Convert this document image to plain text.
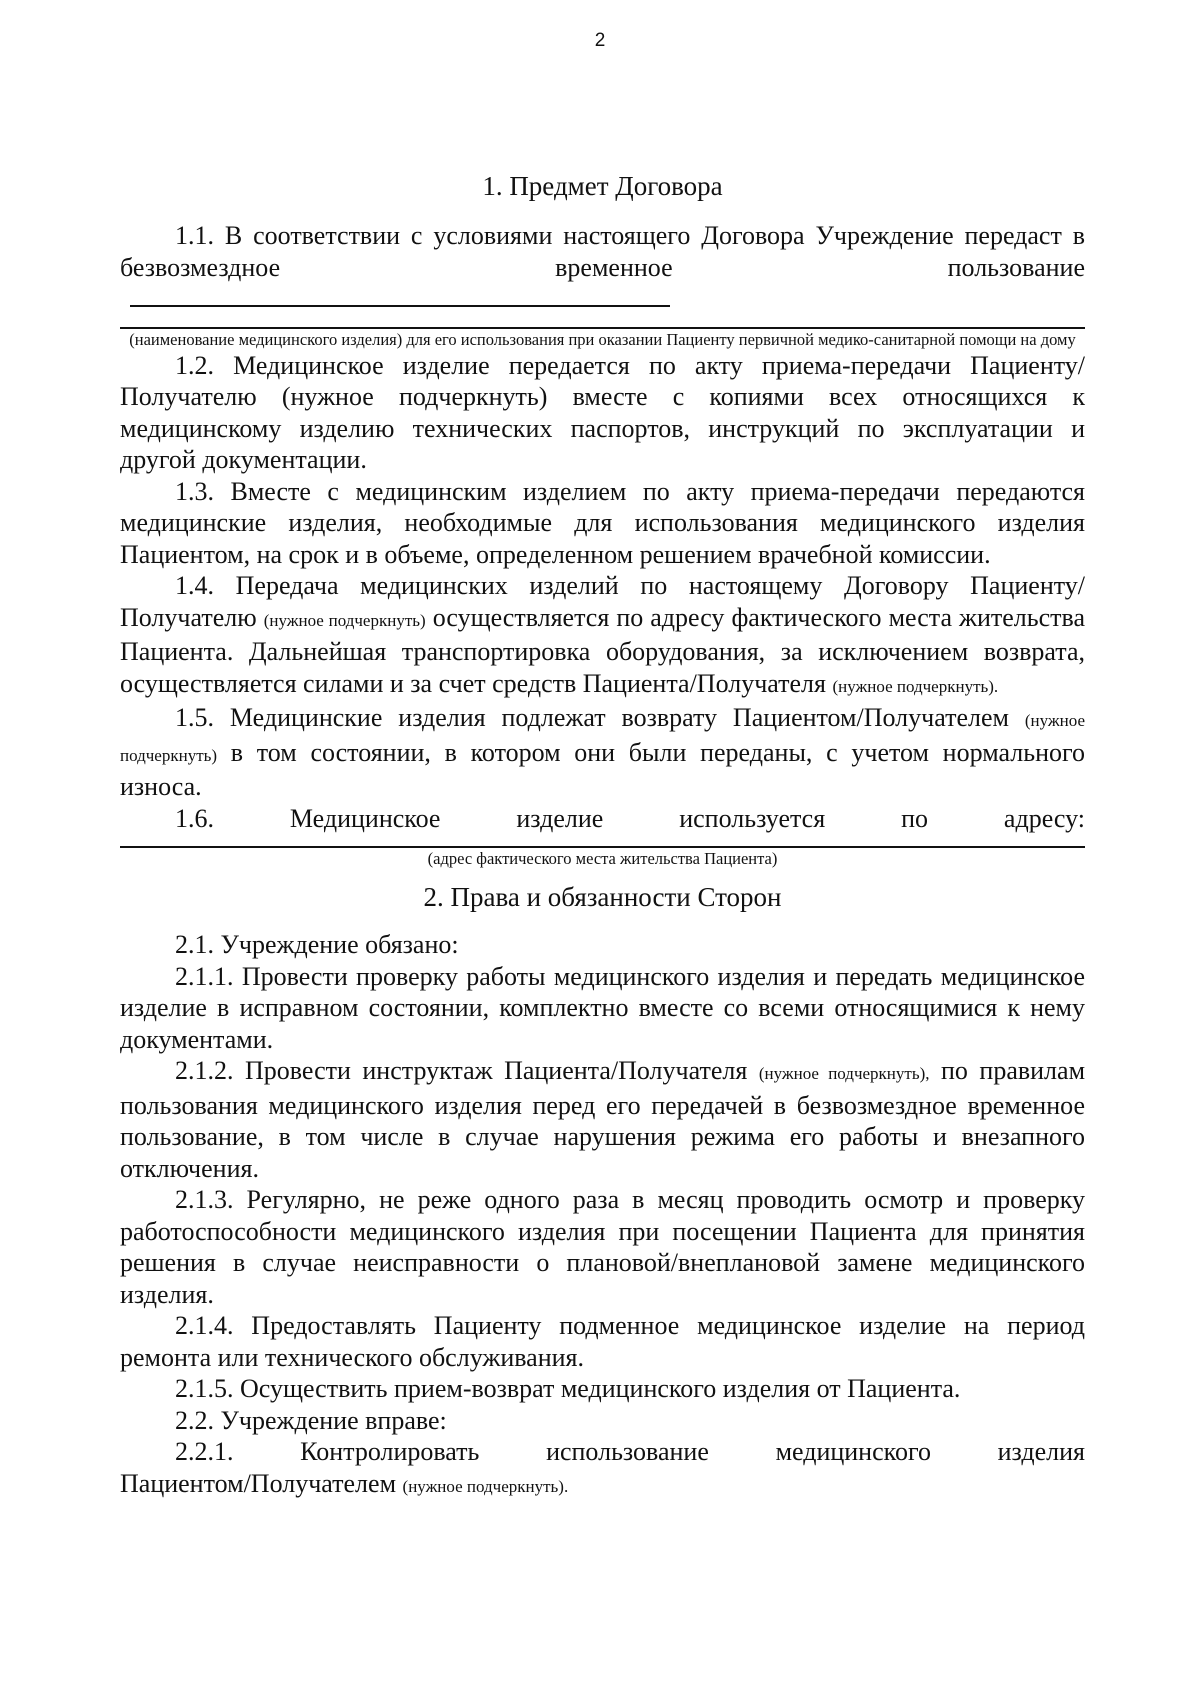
2
1. Предмет Договора

1.1. В соответствии с условиями настоящего Договора Учреждение передаст в безвозмездное временное пользование

(наименование медицинского изделия) для его использования при оказании Пациенту первичной медико-санитарной помощи на дому

1.2. Медицинское изделие передается по акту приема-передачи Пациенту/Получателю (нужное подчеркнуть) вместе с копиями всех относящихся к медицинскому изделию технических паспортов, инструкций по эксплуатации и другой документации.

1.3. Вместе с медицинским изделием по акту приема-передачи передаются медицинские изделия, необходимые для использования медицинского изделия Пациентом, на срок и в объеме, определенном решением врачебной комиссии.

1.4. Передача медицинских изделий по настоящему Договору Пациенту/Получателю (нужное подчеркнуть) осуществляется по адресу фактического места жительства Пациента. Дальнейшая транспортировка оборудования, за исключением возврата, осуществляется силами и за счет средств Пациента/Получателя (нужное подчеркнуть).

1.5. Медицинские изделия подлежат возврату Пациентом/Получателем (нужное подчеркнуть) в том состоянии, в котором они были переданы, с учетом нормального износа.

1.6.	Медицинское	изделие	используется	по	адресу:

(адрес фактического места жительства Пациента)

2. Права и обязанности Сторон

2.1. Учреждение обязано:

2.1.1. Провести проверку работы медицинского изделия и передать медицинское изделие в исправном состоянии, комплектно вместе со всеми относящимися к нему документами.

2.1.2. Провести инструктаж Пациента/Получателя (нужное подчеркнуть), по правилам пользования медицинского изделия перед его передачей в безвозмездное временное пользование, в том числе в случае нарушения режима его работы и внезапного отключения.

2.1.3. Регулярно, не реже одного раза в месяц проводить осмотр и проверку работоспособности медицинского изделия при посещении Пациента для принятия решения в случае неисправности о плановой/внеплановой замене медицинского изделия.

2.1.4. Предоставлять Пациенту подменное медицинское изделие на период ремонта или технического обслуживания.

2.1.5. Осуществить прием-возврат медицинского изделия от Пациента.

2.2. Учреждение вправе:

2.2.1.	Контролировать	использование	медицинского	изделия

Пациентом/Получателем (нужное подчеркнуть).
